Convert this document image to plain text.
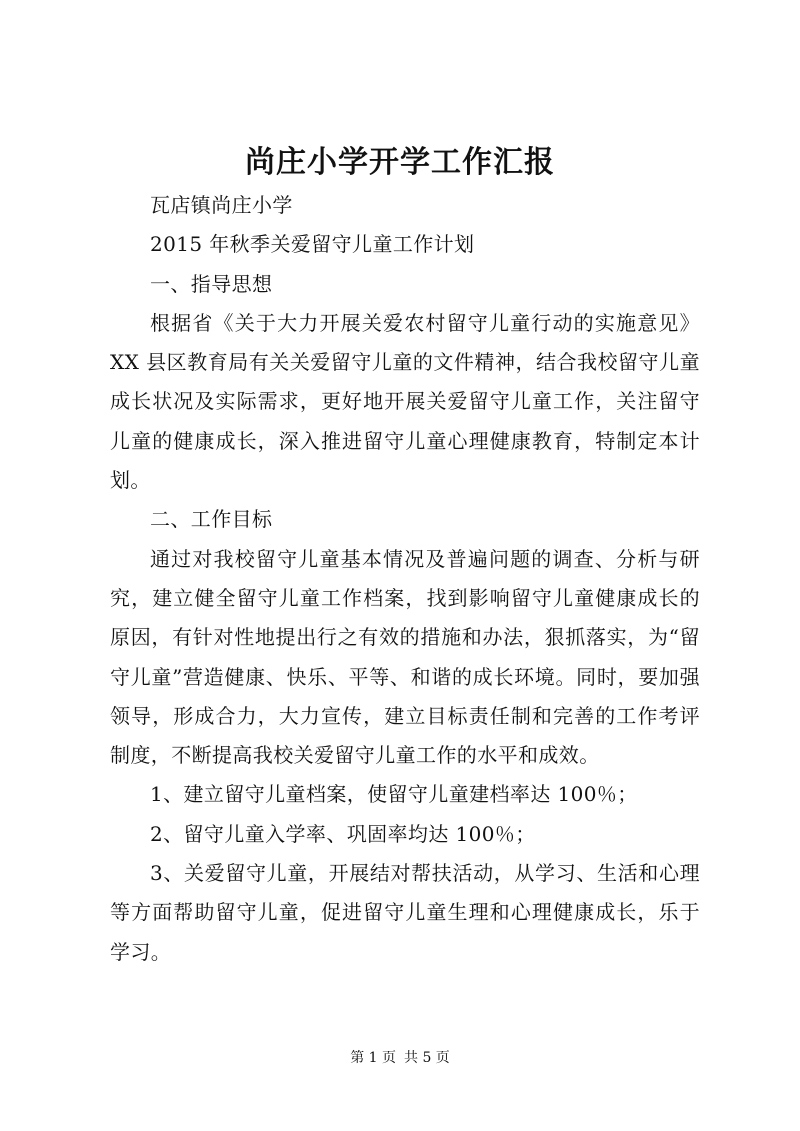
尚庄小学开学工作汇报

瓦店镇尚庄小学

2015 年秋季关爱留守儿童工作计划

一、指导思想

根据省《关于大力开展关爱农村留守儿童行动的实施意见》XX 县区教育局有关关爱留守儿童的文件精神，结合我校留守儿童成长状况及实际需求，更好地开展关爱留守儿童工作，关注留守儿童的健康成长，深入推进留守儿童心理健康教育，特制定本计划。

二、工作目标

通过对我校留守儿童基本情况及普遍问题的调查、分析与研究，建立健全留守儿童工作档案，找到影响留守儿童健康成长的原因，有针对性地提出行之有效的措施和办法，狠抓落实，为“留守儿童”营造健康、快乐、平等、和谐的成长环境。同时，要加强领导，形成合力，大力宣传，建立目标责任制和完善的工作考评制度，不断提高我校关爱留守儿童工作的水平和成效。

1、建立留守儿童档案，使留守儿童建档率达 100％；

2、留守儿童入学率、巩固率均达 100％；

3、关爱留守儿童，开展结对帮扶活动，从学习、生活和心理等方面帮助留守儿童，促进留守儿童生理和心理健康成长，乐于学习。

第 1 页 共 5 页
